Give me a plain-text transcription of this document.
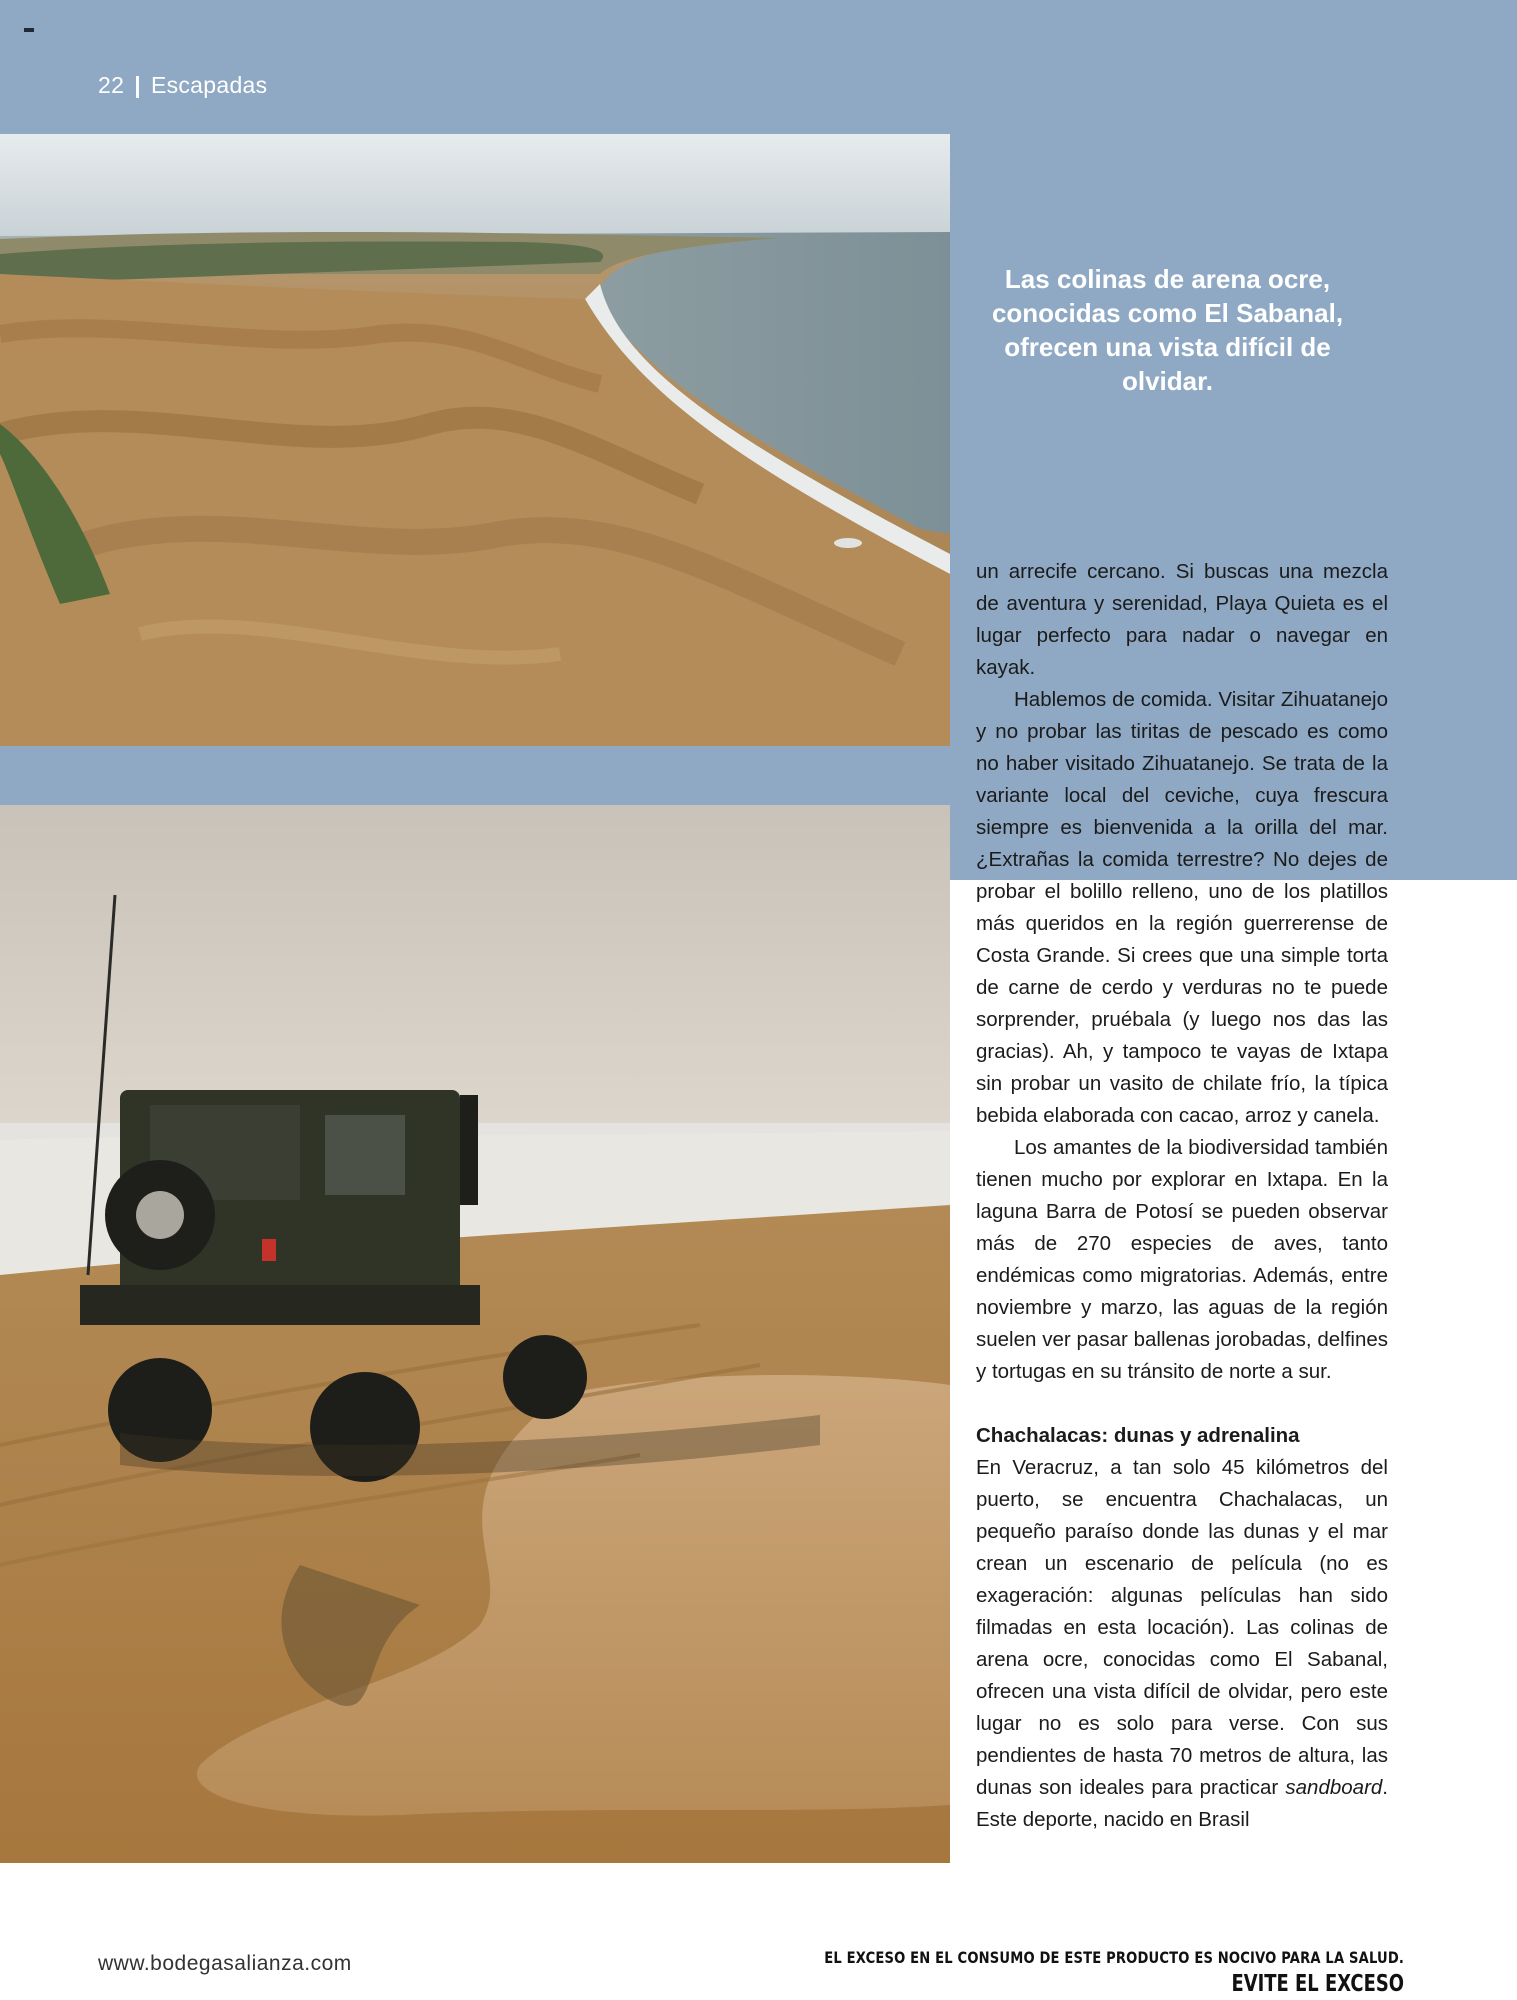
22 | Escapadas
Las colinas de arena ocre, conocidas como El Sabanal, ofrecen una vista difícil de olvidar.

un arrecife cercano. Si buscas una mezcla de aventura y serenidad, Playa Quieta es el lugar perfecto para nadar o navegar en kayak.

Hablemos de comida. Visitar Zihuatanejo y no probar las tiritas de pescado es como no haber visitado Zihuatanejo. Se trata de la variante local del ceviche, cuya frescura siempre es bienvenida a la orilla del mar. ¿Extrañas la comida terrestre? No dejes de probar el bolillo relleno, uno de los platillos más queridos en la región guerrerense de Costa Grande. Si crees que una simple torta de carne de cerdo y verduras no te puede sorprender, pruébala (y luego nos das las gracias). Ah, y tampoco te vayas de Ixtapa sin probar un vasito de chilate frío, la típica bebida elaborada con cacao, arroz y canela.

Los amantes de la biodiversidad también tienen mucho por explorar en Ixtapa. En la laguna Barra de Potosí se pueden observar más de 270 especies de aves, tanto endémicas como migratorias. Además, entre noviembre y marzo, las aguas de la región suelen ver pasar ballenas jorobadas, delfines y tortugas en su tránsito de norte a sur.

Chachalacas: dunas y adrenalina

En Veracruz, a tan solo 45 kilómetros del puerto, se encuentra Chachalacas, un pequeño paraíso donde las dunas y el mar crean un escenario de película (no es exageración: algunas películas han sido filmadas en esta locación). Las colinas de arena ocre, conocidas como El Sabanal, ofrecen una vista difícil de olvidar, pero este lugar no es solo para verse. Con sus pendientes de hasta 70 metros de altura, las dunas son ideales para practicar sandboard. Este deporte, nacido en Brasil

www.bodegasalianza.com	EL EXCESO EN EL CONSUMO DE ESTE PRODUCTO ES NOCIVO PARA LA SALUD.
EVITE EL EXCESO
